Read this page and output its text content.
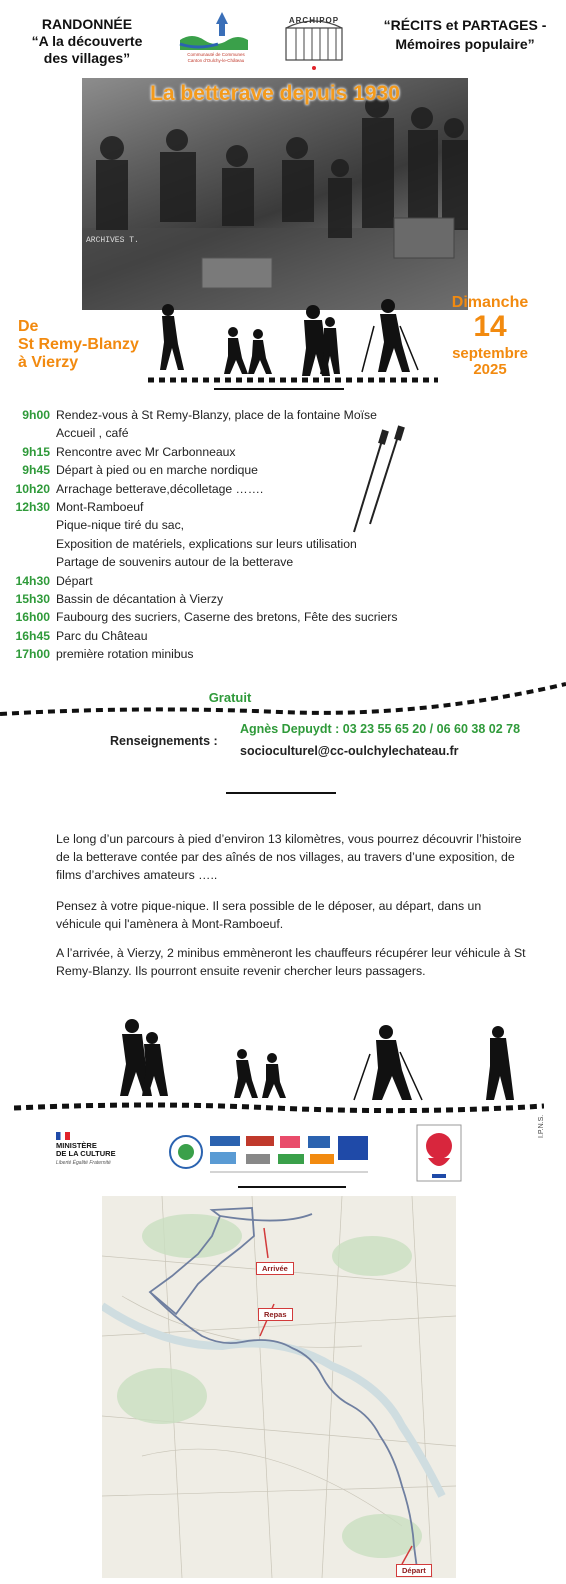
RANDONNÉE
“A la découverte
des villages”	Communauté de Communes
Canton d'Oulchy-le-Château
ARCHIPOP	“RÉCITS et PARTAGES -
Mémoires populaire”
La betterave depuis 1930
ARCHIVES T.
De
St Remy-Blanzy
à Vierzy
Dimanche
14
septembre
2025
9h00 Rendez-vous à St Remy-Blanzy, place de la fontaine Moïse
Accueil , café
9h15 Rencontre avec Mr Carbonneaux
9h45 Départ à pied ou en marche nordique
10h20 Arrachage betterave,décolletage …….
12h30 Mont-Ramboeuf
Pique-nique tiré du sac,
Exposition de matériels, explications sur leurs utilisation
Partage de souvenirs autour de la betterave
14h30 Départ
15h30 Bassin de décantation à Vierzy
16h00 Faubourg des sucriers, Caserne des bretons, Fête des sucriers
16h45 Parc du Château
17h00 première rotation minibus
Gratuit
Renseignements :
Agnès Depuydt : 03 23 55 65 20 / 06 60 38 02 78
socioculturel@cc-oulchylechateau.fr
Le long d’un parcours à pied d’environ 13 kilomètres, vous pourrez découvrir l’histoire de la betterave contée par des aînés de nos villages, au travers d’une exposition, de films d’archives amateurs …..
Pensez à votre pique-nique. Il sera possible de le déposer, au départ, dans un véhicule qui l'amènera à Mont-Ramboeuf.
A l’arrivée, à Vierzy, 2 minibus emmèneront les chauffeurs récupérer leur véhicule à St Remy-Blanzy. Ils pourront ensuite revenir chercher leurs passagers.
MINISTÈRE
DE LA CULTURE
Liberté Égalité Fraternité
I.P.N.S.
Arrivée
Repas
Départ
